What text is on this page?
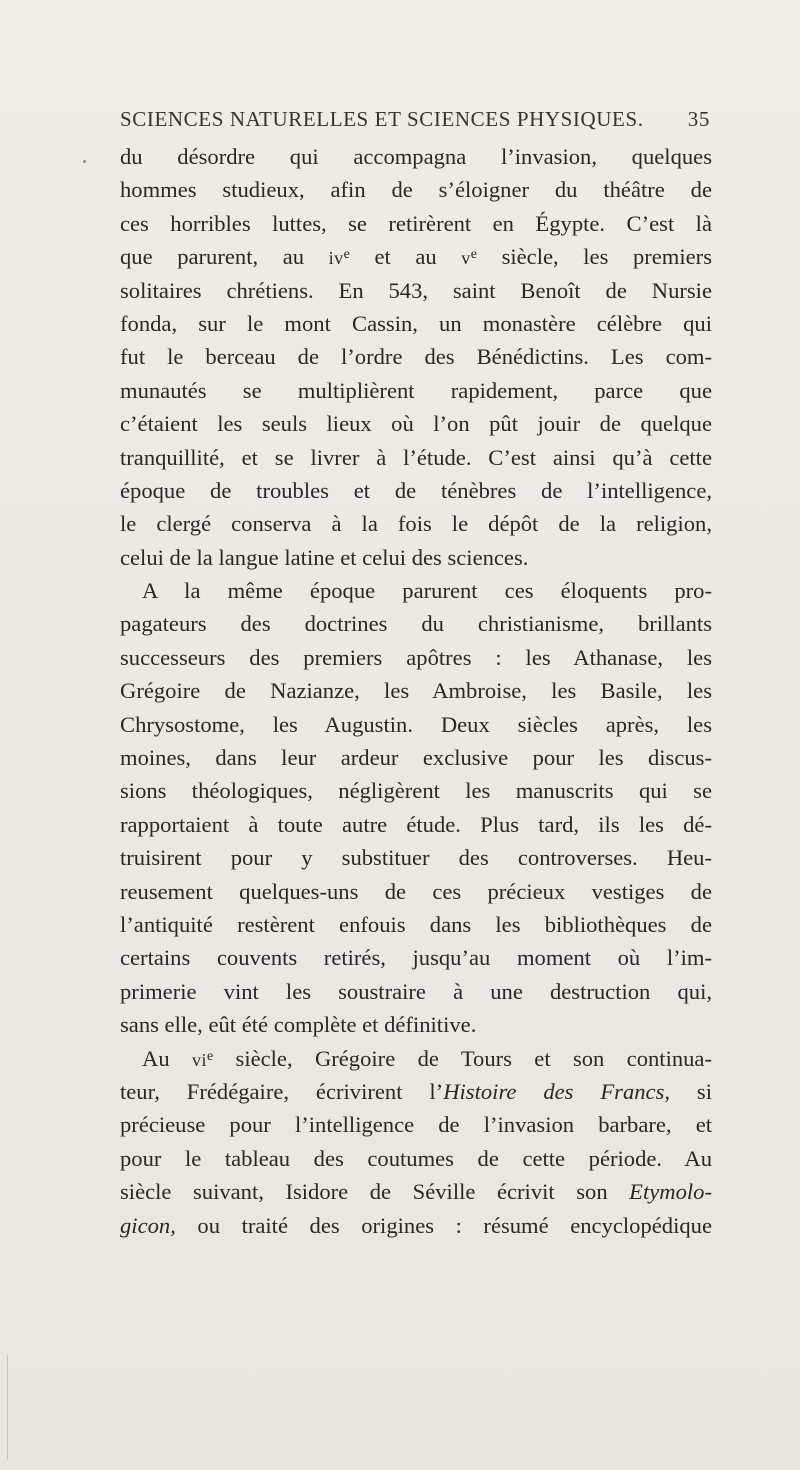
SCIENCES NATURELLES ET SCIENCES PHYSIQUES. 35
du désordre qui accompagna l’invasion, quelques
hommes studieux, afin de s’éloigner du théâtre de
ces horribles luttes, se retirèrent en Égypte. C’est là
que parurent, au $iv^e$ et au $v^e$ siècle, les premiers
solitaires chrétiens. En 543, saint Benoît de Nursie
fonda, sur le mont Cassin, un monastère célèbre qui
fut le berceau de l’ordre des Bénédictins. Les com-
munautés se multiplièrent rapidement, parce que
c’étaient les seuls lieux où l’on pût jouir de quelque
tranquillité, et se livrer à l’étude. C’est ainsi qu’à cette
époque de troubles et de ténèbres de l’intelligence,
le clergé conserva à la fois le dépôt de la religion,
celui de la langue latine et celui des sciences.
A la même époque parurent ces éloquents pro-
pagateurs des doctrines du christianisme, brillants
successeurs des premiers apôtres : les Athanase, les
Grégoire de Nazianze, les Ambroise, les Basile, les
Chrysostome, les Augustin. Deux siècles après, les
moines, dans leur ardeur exclusive pour les discus-
sions théologiques, négligèrent les manuscrits qui se
rapportaient à toute autre étude. Plus tard, ils les dé-
truisirent pour y substituer des controverses. Heu-
reusement quelques-uns de ces précieux vestiges de
l’antiquité restèrent enfouis dans les bibliothèques de
certains couvents retirés, jusqu’au moment où l’im-
primerie vint les soustraire à une destruction qui,
sans elle, eût été complète et définitive.
Au $vi^e$ siècle, Grégoire de Tours et son continua-
teur, Frédégaire, écrivirent l’Histoire des Francs, si
précieuse pour l’intelligence de l’invasion barbare, et
pour le tableau des coutumes de cette période. Au
siècle suivant, Isidore de Séville écrivit son Etymolo-
gicon, ou traité des origines : résumé encyclopédique
